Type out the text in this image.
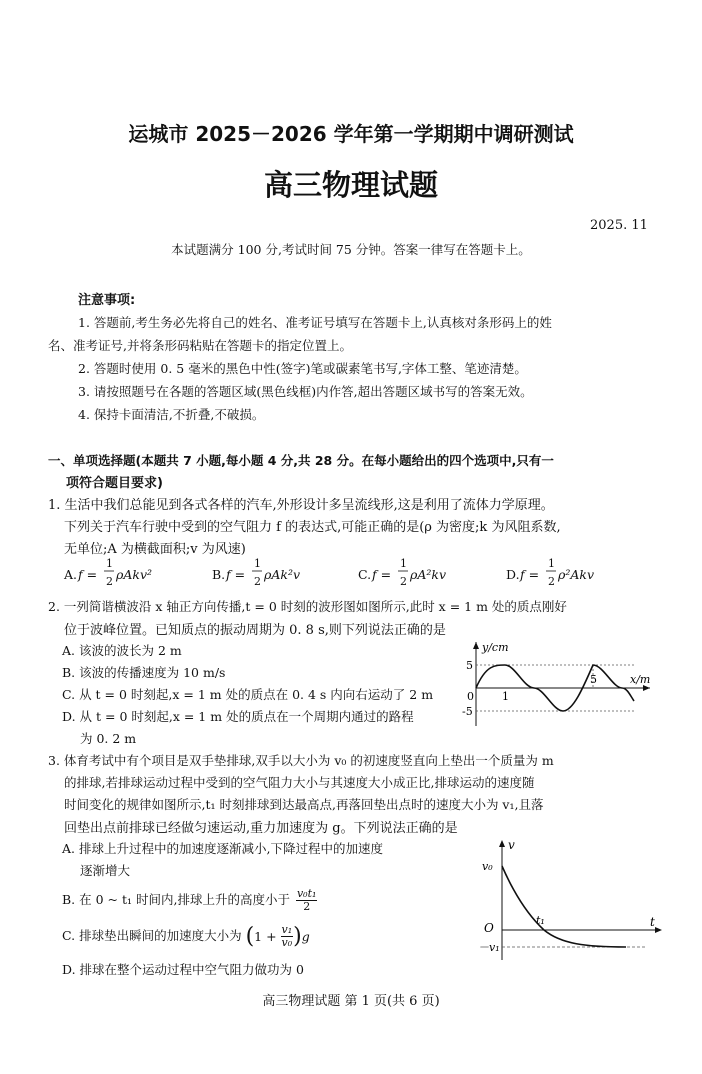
运城市 2025－2026 学年第一学期期中调研测试
高三物理试题
2025. 11
本试题满分 100 分,考试时间 75 分钟。答案一律写在答题卡上。
注意事项:
1. 答题前,考生务必先将自己的姓名、准考证号填写在答题卡上,认真核对条形码上的姓
名、准考证号,并将条形码粘贴在答题卡的指定位置上。
2. 答题时使用 0. 5 毫米的黑色中性(签字)笔或碳素笔书写,字体工整、笔迹清楚。
3. 请按照题号在各题的答题区域(黑色线框)内作答,超出答题区域书写的答案无效。
4. 保持卡面清洁,不折叠,不破损。
一、单项选择题(本题共 7 小题,每小题 4 分,共 28 分。在每小题给出的四个选项中,只有一
项符合题目要求)
1. 生活中我们总能见到各式各样的汽车,外形设计多呈流线形,这是利用了流体力学原理。
下列关于汽车行驶中受到的空气阻力 f 的表达式,可能正确的是(ρ 为密度;k 为风阻系数,
无单位;A 为横截面积;v 为风速)
A. f =
1
2 ρAkv²	B. f =
1
2 ρAk²v	C. f =
1
2 ρA²kv	D. f =
1
2 ρ²Akv
2. 一列简谐横波沿 x 轴正方向传播,t = 0 时刻的波形图如图所示,此时 x = 1 m 处的质点刚好
位于波峰位置。已知质点的振动周期为 0. 8 s,则下列说法正确的是
A. 该波的波长为 2 m
B. 该波的传播速度为 10 m/s
C. 从 t = 0 时刻起,x = 1 m 处的质点在 0. 4 s 内向右运动了 2 m
D. 从 t = 0 时刻起,x = 1 m 处的质点在一个周期内通过的路程
为 0. 2 m
y/cm
x/m
5
-5
0	1
5
3. 体育考试中有个项目是双手垫排球,双手以大小为 v₀ 的初速度竖直向上垫出一个质量为 m
的排球,若排球运动过程中受到的空气阻力大小与其速度大小成正比,排球运动的速度随
时间变化的规律如图所示,t₁ 时刻排球到达最高点,再落回垫出点时的速度大小为 v₁,且落
回垫出点前排球已经做匀速运动,重力加速度为 g。下列说法正确的是
A. 排球上升过程中的加速度逐渐减小,下降过程中的加速度
逐渐增大
B. 在 0 ~ t₁ 时间内,排球上升的高度小于 $\frac{\text{v₀t₁}}{2}$
C. 排球垫出瞬间的加速度大小为 $(1 + \frac{\text{v₁}}{\text{v₀}} )g$
D. 排球在整个运动过程中空气阻力做功为 0
v
t
O
v₀
t₁
－v₁
高三物理试题 第 1 页(共 6 页)
